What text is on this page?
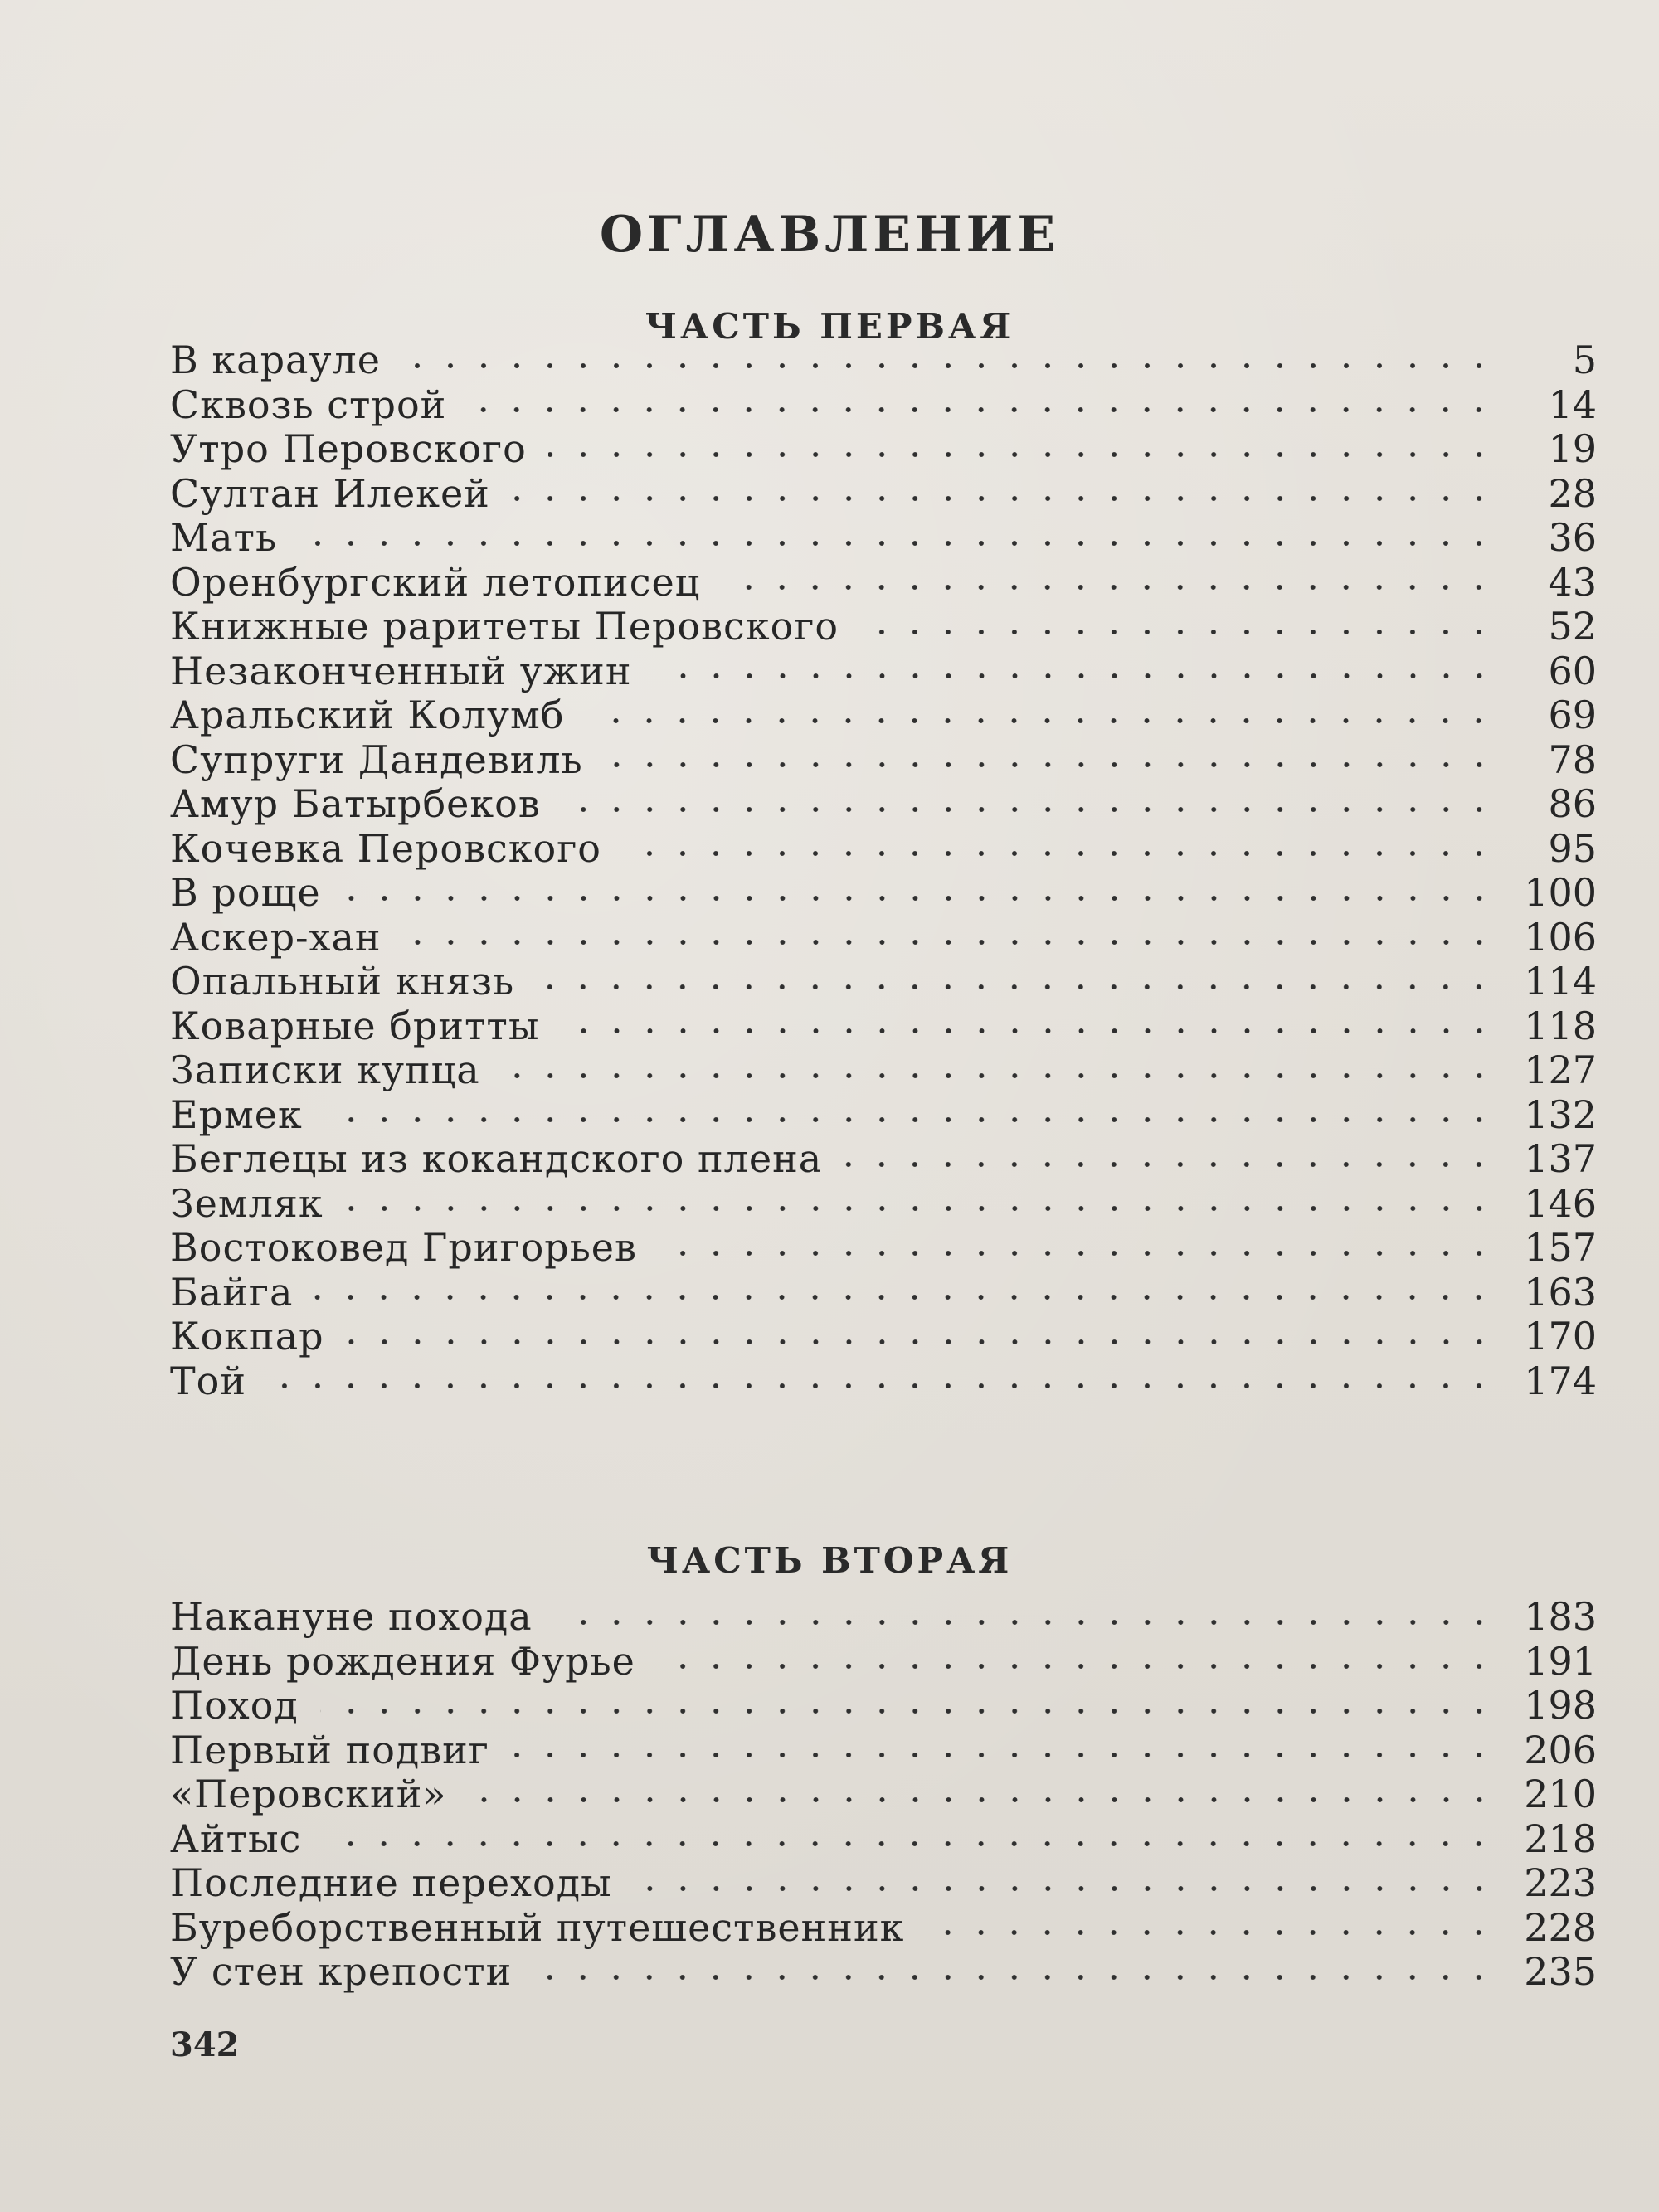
ОГЛАВЛЕНИЕ
ЧАСТЬ ПЕРВАЯ
В карауле	5
Сквозь строй	14
Утро Перовского	19
Султан Илекей	28
Мать	36
Оренбургский летописец	43
Книжные раритеты Перовского	52
Незаконченный ужин	60
Аральский Колумб	69
Супруги Дандевиль	78
Амур Батырбеков	86
Кочевка Перовского	95
В роще	100
Аскер-хан	106
Опальный князь	114
Коварные бритты	118
Записки купца	127
Ермек	132
Беглецы из кокандского плена	137
Земляк	146
Востоковед Григорьев	157
Байга	163
Кокпар	170
Той	174
ЧАСТЬ ВТОРАЯ
Накануне похода	183
День рождения Фурье	191
Поход	198
Первый подвиг	206
«Перовский»	210
Айтыс	218
Последние переходы	223
Буреборственный путешественник	228
У стен крепости	235
342
